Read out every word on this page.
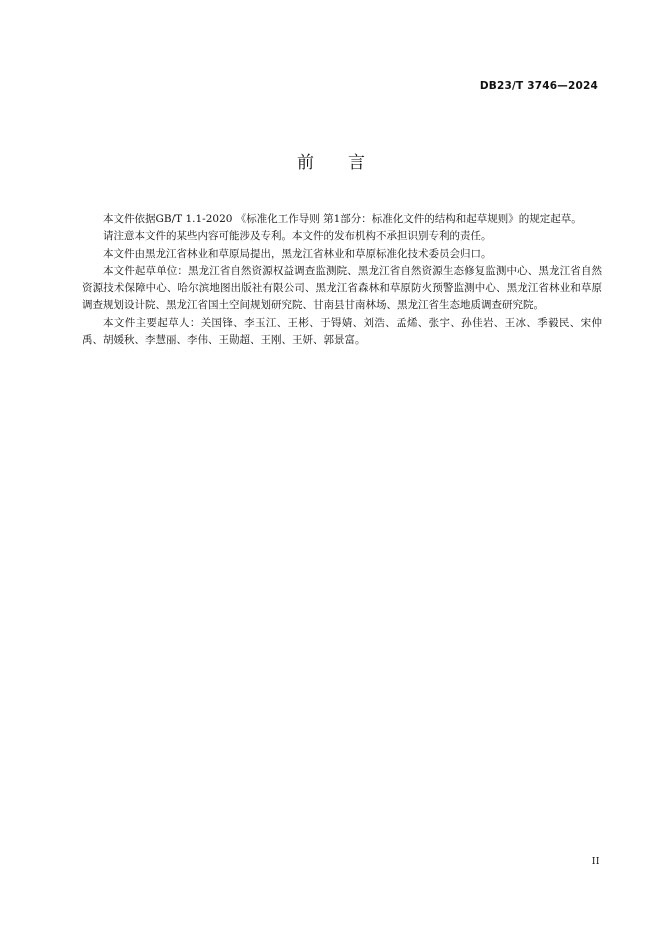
DB23/T 3746—2024
前 言

本文件依据GB/T 1.1-2020 《标准化工作导则 第1部分：标准化文件的结构和起草规则》的规定起草。

请注意本文件的某些内容可能涉及专利。本文件的发布机构不承担识别专利的责任。

本文件由黑龙江省林业和草原局提出，黑龙江省林业和草原标准化技术委员会归口。

本文件起草单位：黑龙江省自然资源权益调查监测院、黑龙江省自然资源生态修复监测中心、黑龙江省自然资源技术保障中心、哈尔滨地图出版社有限公司、黑龙江省森林和草原防火预警监测中心、黑龙江省林业和草原调查规划设计院、黑龙江省国土空间规划研究院、甘南县甘南林场、黑龙江省生态地质调查研究院。

本文件主要起草人：关国锋、李玉江、王彬、于锝婧、刘浩、孟烯、张宇、孙佳岩、王冰、季毅民、宋仲禹、胡媛秋、李慧丽、李伟、王勋超、王刚、王妍、郭景富。

II
